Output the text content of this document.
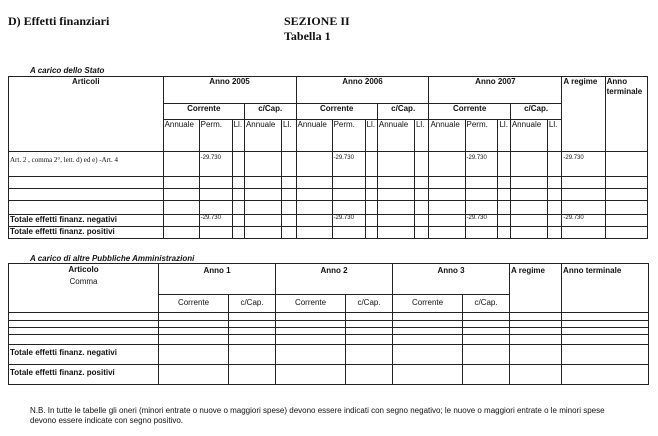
D) Effetti finanziari	SEZIONE II
Tabella 1
A carico dello Stato
Articoli	Anno 2005					Anno 2006					Anno 2007					A regime	Anno terminale
	Corrente			c/Cap.		Corrente			c/Cap.		Corrente			c/Cap.			
	Annuale	Perm.	Ll.	Annuale	Ll.	Annuale	Perm.	Ll.	Annuale	Ll.	Annuale	Perm.	Ll.	Annuale	Ll.		
Art. 2 , comma 2°, lett. d) ed e) -Art. 4		-29.730					-29.730					-29.730				-29.730	

Totale effetti finanz. negativi		-29.730					-29.730					-29.730				-29.730	
Totale effetti finanz. positivi																	
A carico di altre Pubbliche Amministrazioni
Articolo
Comma	Anno 1		Anno 2		Anno 3		A regime	Anno terminale
	Corrente	c/Cap.	Corrente	c/Cap.	Corrente	c/Cap.		

Totale effetti finanz. negativi								
Totale effetti finanz. positivi								
N.B. In tutte le tabelle gli oneri (minori entrate o nuove o maggiori spese) devono essere indicati con segno negativo; le nuove o maggiori entrate o le minori spese devono essere indicate con segno positivo.
